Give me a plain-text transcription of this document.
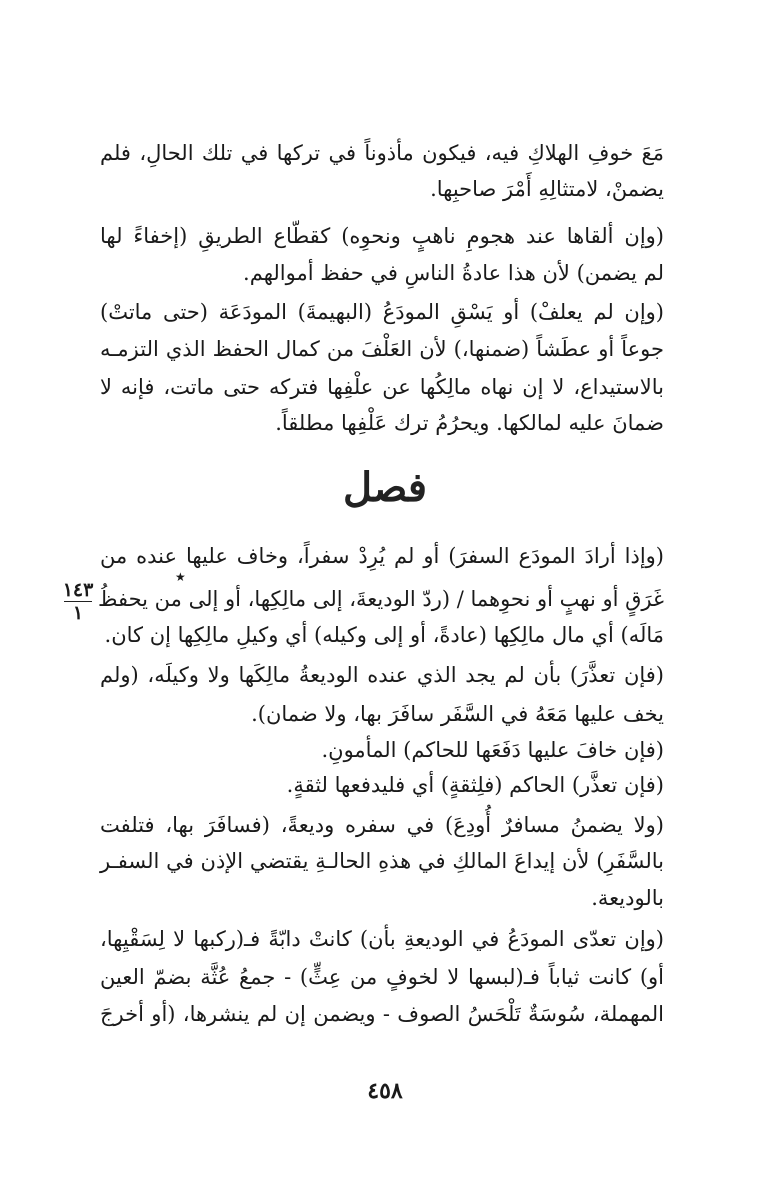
مَعَ خوفِ الهلاكِ فيه، فيكون مأذوناً في تركها في تلك الحالِ، فلم
يضمنْ، لامتثالِهِ أَمْرَ صاحبِها.
(وإن ألقاها عند هجومِ ناهبٍ ونحوِه) كقطّاع الطريقِ (إخفاءً لها
لم يضمن) لأن هذا عادةُ الناسِ في حفظ أموالهم.
(وإن لم يعلفْ) أو يَسْقِ المودَعُ (البهيمةَ) المودَعَة (حتى ماتتْ)
جوعاً أو عطَشاً (ضمنها،) لأن العَلْفَ من كمال الحفظ الذي التزمـه
بالاستيداع، لا إن نهاه مالِكُها عن علْفِها فتركه حتى ماتت، فإنه لا
ضمانَ عليه لمالكها. ويحرُمُ ترك عَلْفِها مطلقاً.
فصل
(وإذا أرادَ المودَع السفرَ) أو لم يُرِدْ سفراً، وخاف عليها عنده من
غَرَقٍ أو نهبٍ أو نحوِهما / (ردّ الوديعةَ، إلى مالِكِها، أو إلى من يحفظُ
مَالَه) أي مال مالِكِها (عادةً، أو إلى وكيله) أي وكيلِ مالِكِها إن كان.
(فإن تعذَّرَ) بأن لم يجد الذي عنده الوديعةُ مالِكَها ولا وكيلَه، (ولم
يخف عليها مَعَهُ في السَّفَر سافَرَ بها، ولا ضمان).
(فإن خافَ عليها دَفَعَها للحاكم) المأمونِ.
(فإن تعذَّر) الحاكم (فلِثقةٍ) أي فليدفعها لثقةٍ.
(ولا يضمنُ مسافرٌ أُودِعَ) في سفره وديعةً، (فسافَرَ بها، فتلفت
بالسَّفَرِ) لأن إيداعَ المالكِ في هذهِ الحالـةِ يقتضي الإذن في السفـر
بالوديعة.
(وإن تعدّى المودَعُ في الوديعةِ بأن) كانتْ دابّةً فـ(ركبها لا لِسَقْيِها،
أو) كانت ثياباً فـ(لبسها لا لخوفٍ من عِثٍّ) - جمعُ عُثَّة بضمّ العين
المهملة، سُوسَةٌ تَلْحَسُ الصوف - ويضمن إن لم ينشرها، (أو أخرجَ
١٤٣
١
★
٤٥٨
